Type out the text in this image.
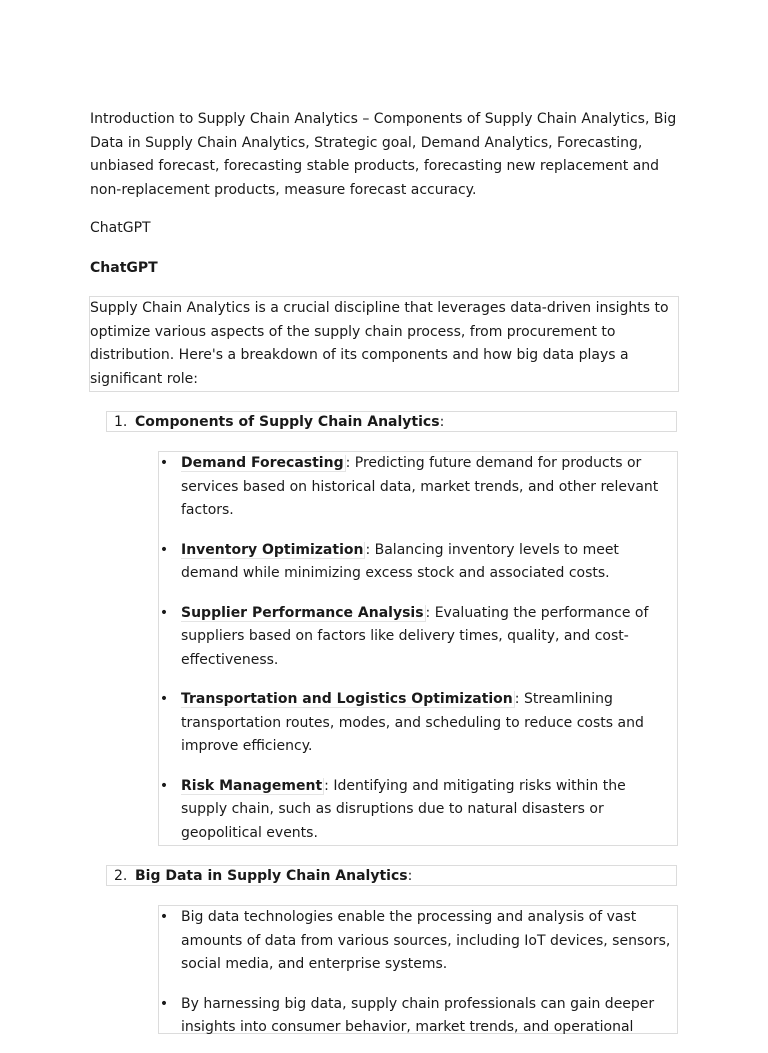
Introduction to Supply Chain Analytics – Components of Supply Chain Analytics, Big Data in Supply Chain Analytics, Strategic goal, Demand Analytics, Forecasting, unbiased forecast, forecasting stable products, forecasting new replacement and non-replacement products, measure forecast accuracy.

ChatGPT

ChatGPT

Supply Chain Analytics is a crucial discipline that leverages data-driven insights to optimize various aspects of the supply chain process, from procurement to distribution. Here's a breakdown of its components and how big data plays a significant role:

1. Components of Supply Chain Analytics:
• Demand Forecasting : Predicting future demand for products or services based on historical data, market trends, and other relevant factors.
• Inventory Optimization : Balancing inventory levels to meet demand while minimizing excess stock and associated costs.
• Supplier Performance Analysis : Evaluating the performance of suppliers based on factors like delivery times, quality, and cost-effectiveness.
• Transportation and Logistics Optimization : Streamlining transportation routes, modes, and scheduling to reduce costs and improve efficiency.
• Risk Management : Identifying and mitigating risks within the supply chain, such as disruptions due to natural disasters or geopolitical events.
2. Big Data in Supply Chain Analytics:
• Big data technologies enable the processing and analysis of vast amounts of data from various sources, including IoT devices, sensors, social media, and enterprise systems.
• By harnessing big data, supply chain professionals can gain deeper insights into consumer behavior, market trends, and operational
